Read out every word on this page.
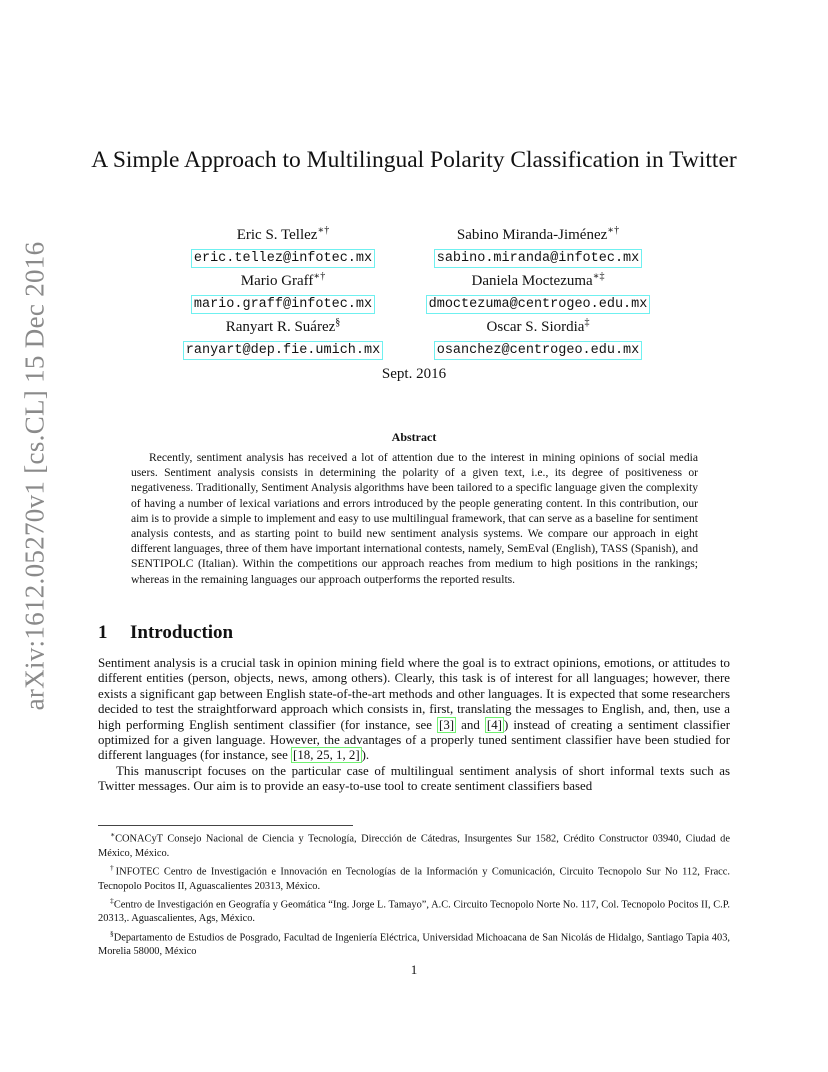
arXiv:1612.05270v1 [cs.CL] 15 Dec 2016
A Simple Approach to Multilingual Polarity Classification in Twitter
Eric S. Tellez∗†
eric.tellez@infotec.mx
Sabino Miranda-Jiménez∗†
sabino.miranda@infotec.mx
Mario Graff∗†
mario.graff@infotec.mx
Daniela Moctezuma∗‡
dmoctezuma@centrogeo.edu.mx
Ranyart R. Suárez§
ranyart@dep.fie.umich.mx
Oscar S. Siordia‡
osanchez@centrogeo.edu.mx
Sept. 2016
Abstract
Recently, sentiment analysis has received a lot of attention due to the interest in mining opinions of social media users. Sentiment analysis consists in determining the polarity of a given text, i.e., its degree of positiveness or negativeness. Traditionally, Sentiment Analysis algorithms have been tailored to a specific language given the complexity of having a number of lexical variations and errors introduced by the people generating content. In this contribution, our aim is to provide a simple to implement and easy to use multilingual framework, that can serve as a baseline for sentiment analysis contests, and as starting point to build new sentiment analysis systems. We compare our approach in eight different languages, three of them have important international contests, namely, SemEval (English), TASS (Spanish), and SENTIPOLC (Italian). Within the competitions our approach reaches from medium to high positions in the rankings; whereas in the remaining languages our approach outperforms the reported results.
1 Introduction

Sentiment analysis is a crucial task in opinion mining field where the goal is to extract opinions, emotions, or attitudes to different entities (person, objects, news, among others). Clearly, this task is of interest for all languages; however, there exists a significant gap between English state-of-the-art methods and other languages. It is expected that some researchers decided to test the straightforward approach which consists in, first, translating the messages to English, and, then, use a high performing English sentiment classifier (for instance, see [3] and [4] ) instead of creating a sentiment classifier optimized for a given language. However, the advantages of a properly tuned sentiment classifier have been studied for different languages (for instance, see [18, 25, 1, 2] ).

This manuscript focuses on the particular case of multilingual sentiment analysis of short informal texts such as Twitter messages. Our aim is to provide an easy-to-use tool to create sentiment classifiers based

∗CONACyT Consejo Nacional de Ciencia y Tecnología, Dirección de Cátedras, Insurgentes Sur 1582, Crédito Constructor 03940, Ciudad de México, México.

†INFOTEC Centro de Investigación e Innovación en Tecnologías de la Información y Comunicación, Circuito Tecnopolo Sur No 112, Fracc. Tecnopolo Pocitos II, Aguascalientes 20313, México.

‡Centro de Investigación en Geografía y Geomática “Ing. Jorge L. Tamayo”, A.C. Circuito Tecnopolo Norte No. 117, Col. Tecnopolo Pocitos II, C.P. 20313,. Aguascalientes, Ags, México.

§Departamento de Estudios de Posgrado, Facultad de Ingeniería Eléctrica, Universidad Michoacana de San Nicolás de Hidalgo, Santiago Tapia 403, Morelia 58000, México

1
